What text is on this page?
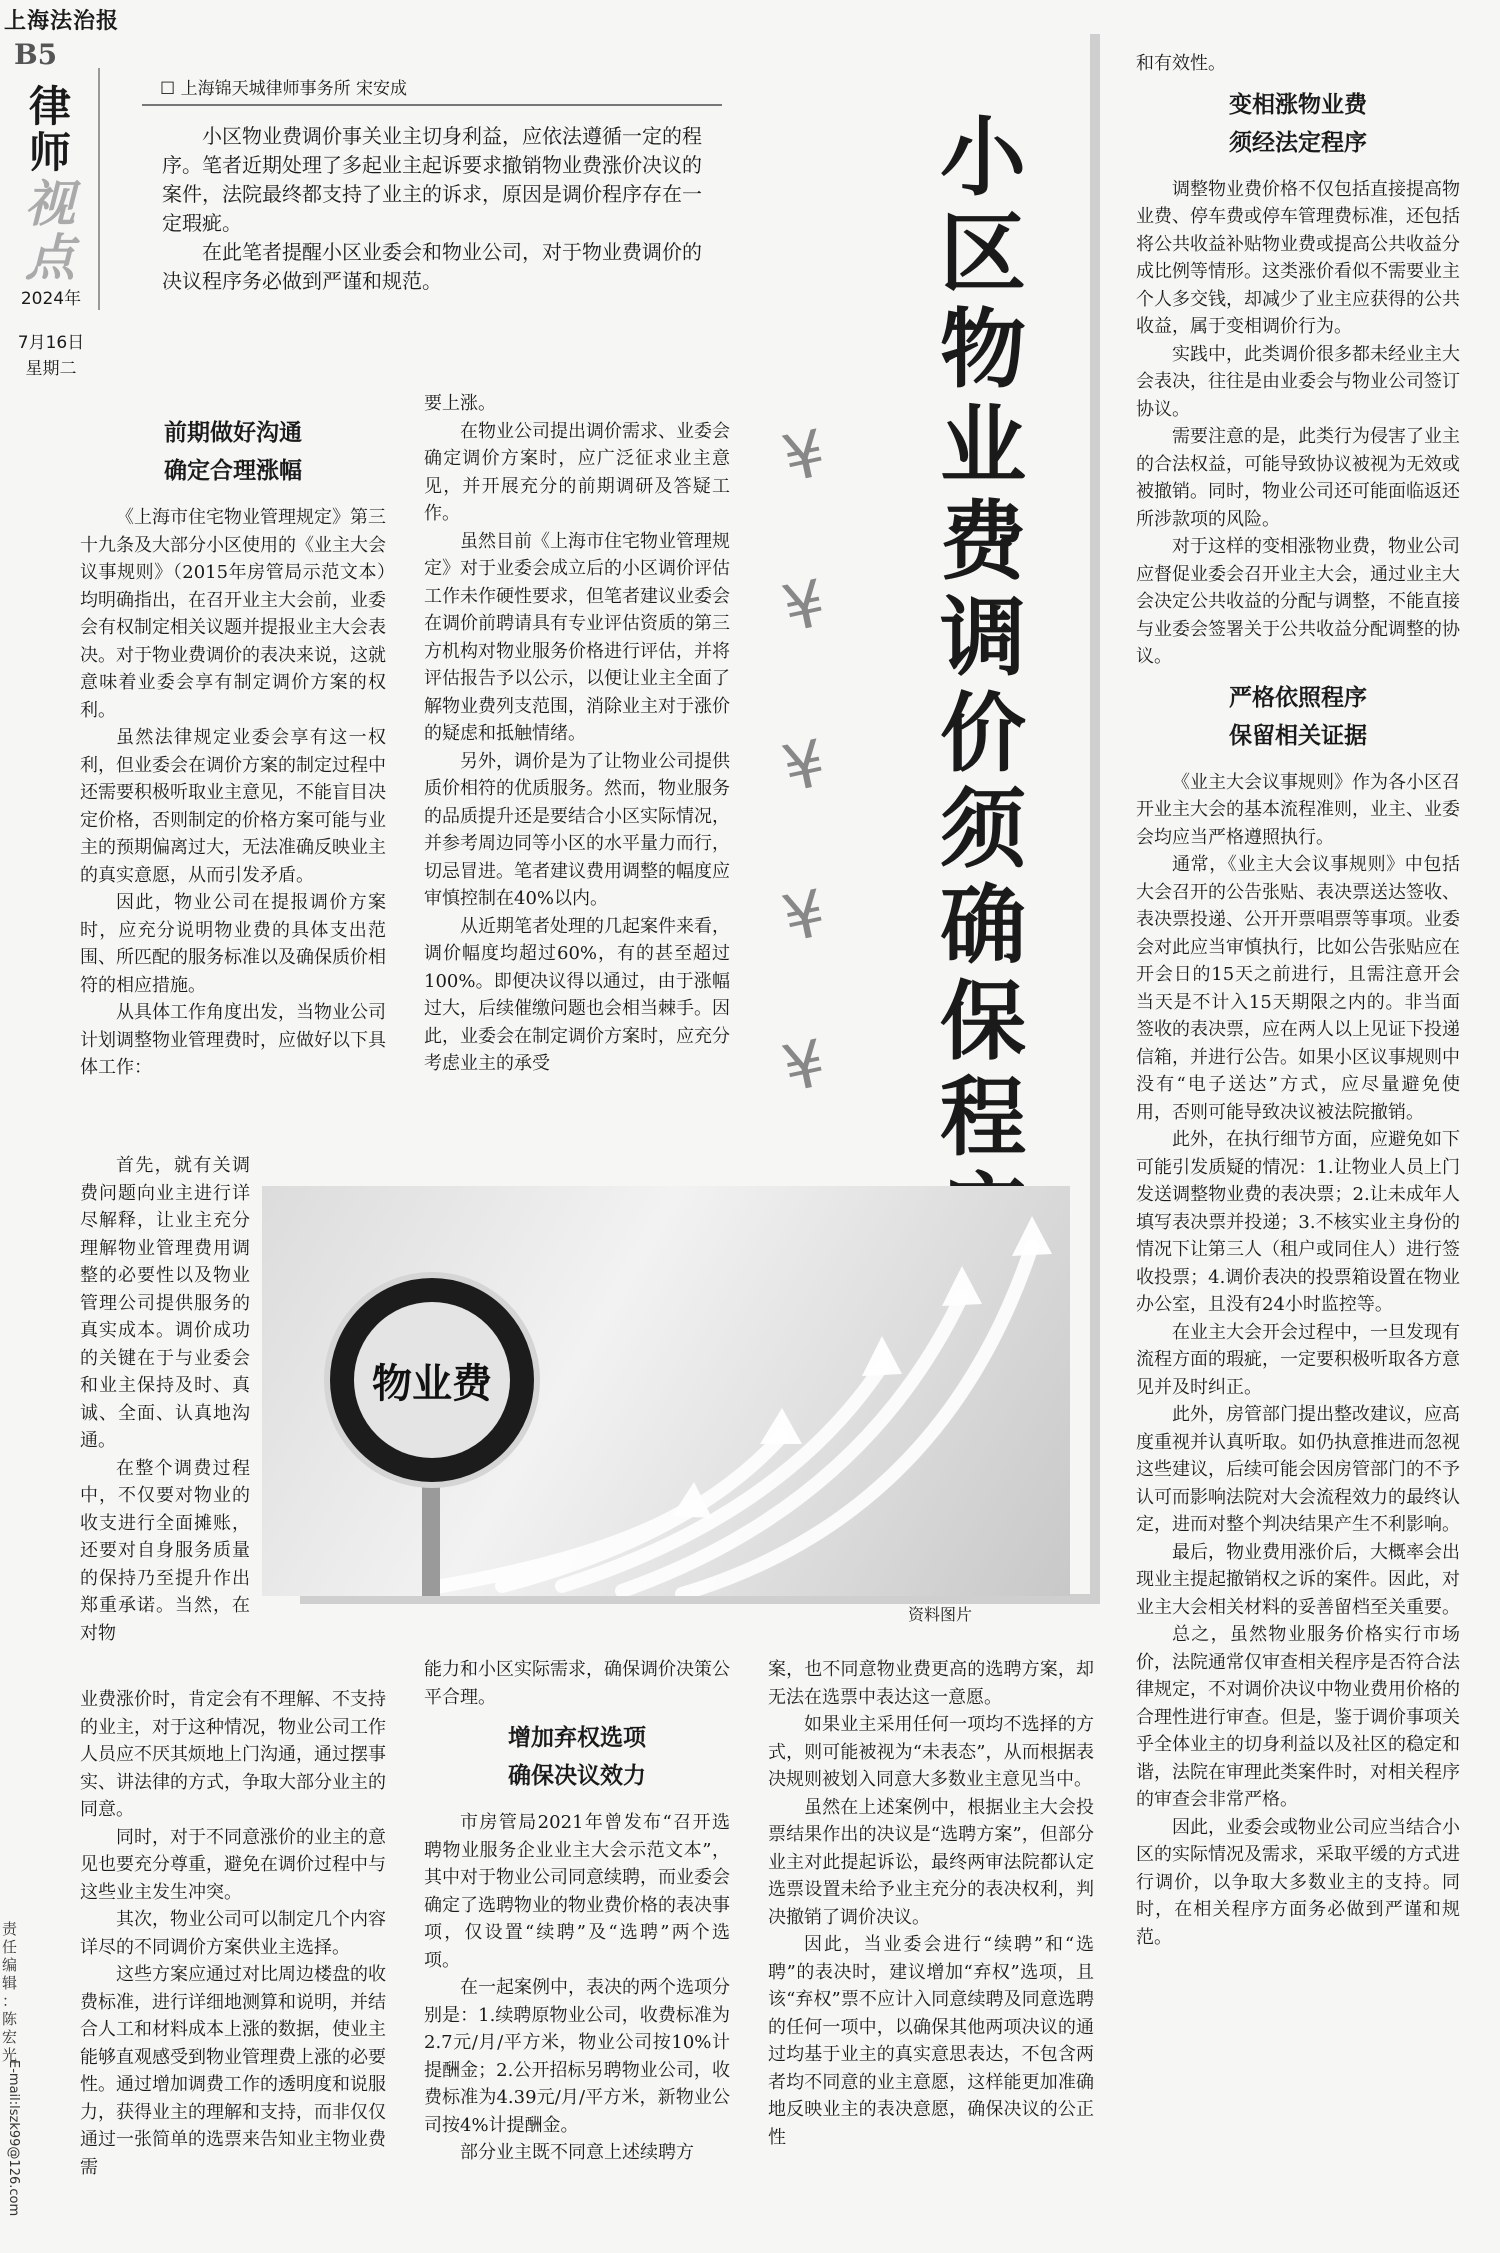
上海法治报
B5
律
师
视
点
2024年
7月16日
星期二
☐ 上海锦天城律师事务所 宋安成

小区物业费调价事关业主切身利益，应依法遵循一定的程序。笔者近期处理了多起业主起诉要求撤销物业费涨价决议的案件，法院最终都支持了业主的诉求，原因是调价程序存在一定瑕疵。

在此笔者提醒小区业委会和物业公司，对于物业费调价的决议程序务必做到严谨和规范。

小
区
物
业
费
调
价
须
确
保
程
¥
¥
¥
¥
¥
前期做好沟通
确定合理涨幅

《上海市住宅物业管理规定》第三十九条及大部分小区使用的《业主大会议事规则》（2015年房管局示范文本）均明确指出，在召开业主大会前，业委会有权制定相关议题并提报业主大会表决。对于物业费调价的表决来说，这就意味着业委会享有制定调价方案的权利。

虽然法律规定业委会享有这一权利，但业委会在调价方案的制定过程中还需要积极听取业主意见，不能盲目决定价格，否则制定的价格方案可能与业主的预期偏离过大，无法准确反映业主的真实意愿，从而引发矛盾。

因此，物业公司在提报调价方案时，应充分说明物业费的具体支出范围、所匹配的服务标准以及确保质价相符的相应措施。

从具体工作角度出发，当物业公司计划调整物业管理费时，应做好以下具体工作：

首先，就有关调费问题向业主进行详尽解释，让业主充分理解物业管理费用调整的必要性以及物业管理公司提供服务的真实成本。调价成功的关键在于与业委会和业主保持及时、真诚、全面、认真地沟通。

在整个调费过程中，不仅要对物业的收支进行全面摊账，还要对自身服务质量的保持乃至提升作出郑重承诺。当然，在对物

业费涨价时，肯定会有不理解、不支持的业主，对于这种情况，物业公司工作人员应不厌其烦地上门沟通，通过摆事实、讲法律的方式，争取大部分业主的同意。

同时，对于不同意涨价的业主的意见也要充分尊重，避免在调价过程中与这些业主发生冲突。

其次，物业公司可以制定几个内容详尽的不同调价方案供业主选择。

这些方案应通过对比周边楼盘的收费标准，进行详细地测算和说明，并结合人工和材料成本上涨的数据，使业主能够直观感受到物业管理费上涨的必要性。通过增加调费工作的透明度和说服力，获得业主的理解和支持，而非仅仅通过一张简单的选票来告知业主物业费需

要上涨。

在物业公司提出调价需求、业委会确定调价方案时，应广泛征求业主意见，并开展充分的前期调研及答疑工作。

虽然目前《上海市住宅物业管理规定》对于业委会成立后的小区调价评估工作未作硬性要求，但笔者建议业委会在调价前聘请具有专业评估资质的第三方机构对物业服务价格进行评估，并将评估报告予以公示，以便让业主全面了解物业费列支范围，消除业主对于涨价的疑虑和抵触情绪。

另外，调价是为了让物业公司提供质价相符的优质服务。然而，物业服务的品质提升还是要结合小区实际情况，并参考周边同等小区的水平量力而行，切忌冒进。笔者建议费用调整的幅度应审慎控制在40%以内。

从近期笔者处理的几起案件来看，调价幅度均超过60%，有的甚至超过100%。即便决议得以通过，由于涨幅过大，后续催缴问题也会相当棘手。因此，业委会在制定调价方案时，应充分考虑业主的承受

能力和小区实际需求，确保调价决策公平合理。

增加弃权选项
确保决议效力

市房管局2021年曾发布“召开选聘物业服务企业业主大会示范文本”，其中对于物业公司同意续聘，而业委会确定了选聘物业的物业费价格的表决事项，仅设置“续聘”及“选聘”两个选项。

在一起案例中，表决的两个选项分别是：1.续聘原物业公司，收费标准为2.7元/月/平方米，物业公司按10%计提酬金；2.公开招标另聘物业公司，收费标准为4.39元/月/平方米，新物业公司按4%计提酬金。

部分业主既不同意上述续聘方

案，也不同意物业费更高的选聘方案，却无法在选票中表达这一意愿。

如果业主采用任何一项均不选择的方式，则可能被视为“未表态”，从而根据表决规则被划入同意大多数业主意见当中。

虽然在上述案例中，根据业主大会投票结果作出的决议是“选聘方案”，但部分业主对此提起诉讼，最终两审法院都认定选票设置未给予业主充分的表决权利，判决撤销了调价决议。

因此，当业委会进行“续聘”和“选聘”的表决时，建议增加“弃权”选项，且该“弃权”票不应计入同意续聘及同意选聘的任何一项中，以确保其他两项决议的通过均基于业主的真实意思表达，不包含两者均不同意的业主意愿，这样能更加准确地反映业主的表决意愿，确保决议的公正性

和有效性。

变相涨物业费
须经法定程序

调整物业费价格不仅包括直接提高物业费、停车费或停车管理费标准，还包括将公共收益补贴物业费或提高公共收益分成比例等情形。这类涨价看似不需要业主个人多交钱，却减少了业主应获得的公共收益，属于变相调价行为。

实践中，此类调价很多都未经业主大会表决，往往是由业委会与物业公司签订协议。

需要注意的是，此类行为侵害了业主的合法权益，可能导致协议被视为无效或被撤销。同时，物业公司还可能面临返还所涉款项的风险。

对于这样的变相涨物业费，物业公司应督促业委会召开业主大会，通过业主大会决定公共收益的分配与调整，不能直接与业委会签署关于公共收益分配调整的协议。

严格依照程序
保留相关证据

《业主大会议事规则》作为各小区召开业主大会的基本流程准则，业主、业委会均应当严格遵照执行。

通常，《业主大会议事规则》中包括大会召开的公告张贴、表决票送达签收、表决票投递、公开开票唱票等事项。业委会对此应当审慎执行，比如公告张贴应在开会日的15天之前进行，且需注意开会当天是不计入15天期限之内的。非当面签收的表决票，应在两人以上见证下投递信箱，并进行公告。如果小区议事规则中没有“电子送达”方式，应尽量避免使用，否则可能导致决议被法院撤销。

此外，在执行细节方面，应避免如下可能引发质疑的情况：1.让物业人员上门发送调整物业费的表决票；2.让未成年人填写表决票并投递；3.不核实业主身份的情况下让第三人（租户或同住人）进行签收投票；4.调价表决的投票箱设置在物业办公室，且没有24小时监控等。

在业主大会开会过程中，一旦发现有流程方面的瑕疵，一定要积极听取各方意见并及时纠正。

此外，房管部门提出整改建议，应高度重视并认真听取。如仍执意推进而忽视这些建议，后续可能会因房管部门的不予认可而影响法院对大会流程效力的最终认定，进而对整个判决结果产生不利影响。

最后，物业费用涨价后，大概率会出现业主提起撤销权之诉的案件。因此，对业主大会相关材料的妥善留档至关重要。

总之，虽然物业服务价格实行市场价，法院通常仅审查相关程序是否符合法律规定，不对调价决议中物业费用价格的合理性进行审查。但是，鉴于调价事项关乎全体业主的切身利益以及社区的稳定和谐，法院在审理此类案件时，对相关程序的审查会非常严格。

因此，业委会或物业公司应当结合小区的实际情况及需求，采取平缓的方式进行调价，以争取大多数业主的支持。同时，在相关程序方面务必做到严谨和规范。

物业费
资料图片
责任编辑：陈宏光
E-mail:lszk99@126.com
